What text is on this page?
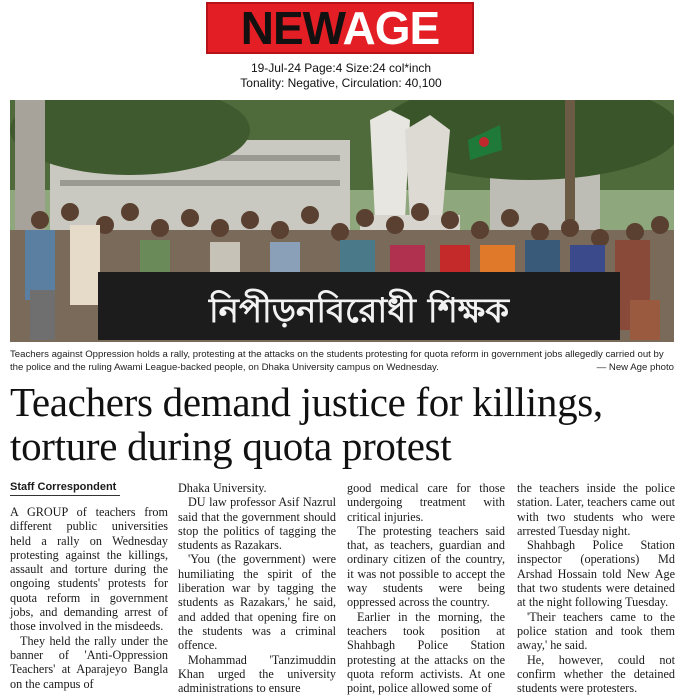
NEWAGE
19-Jul-24 Page:4 Size:24 col*inch
Tonality: Negative, Circulation: 40,100
নিপীড়নবিরোধী শিক্ষক
Teachers against Oppression holds a rally, protesting at the attacks on the students protesting for quota reform in government jobs allegedly carried out by the police and the ruling Awami League-backed people, on Dhaka University campus on Wednesday.	— New Age photo
Teachers demand justice for killings,
torture during quota protest
Staff Correspondent

A GROUP of teachers from different public universities held a rally on Wednesday protesting against the killings, assault and torture during the ongoing students' protests for quota reform in government jobs, and demanding arrest of those involved in the misdeeds.

They held the rally under the banner of 'Anti-Oppression Teachers' at Aparajeyo Bangla on the campus of

Dhaka University.

DU law professor Asif Nazrul said that the government should stop the politics of tagging the students as Razakars.

'You (the government) were humiliating the spirit of the liberation war by tagging the students as Razakars,' he said, and added that opening fire on the students was a criminal offence.

Mohammad 'Tanzimuddin Khan urged the university administrations to ensure

good medical care for those undergoing treatment with critical injuries.

The protesting teachers said that, as teachers, guardian and ordinary citizen of the country, it was not possible to accept the way students were being oppressed across the country.

Earlier in the morning, the teachers took position at Shahbagh Police Station protesting at the attacks on the quota reform activists. At one point, police allowed some of

the teachers inside the police station. Later, teachers came out with two students who were arrested Tuesday night.

Shahbagh Police Station inspector (operations) Md Arshad Hossain told New Age that two students were detained at the night following Tuesday.

'Their teachers came to the police station and took them away,' he said.

He, however, could not confirm whether the detained students were protesters.
